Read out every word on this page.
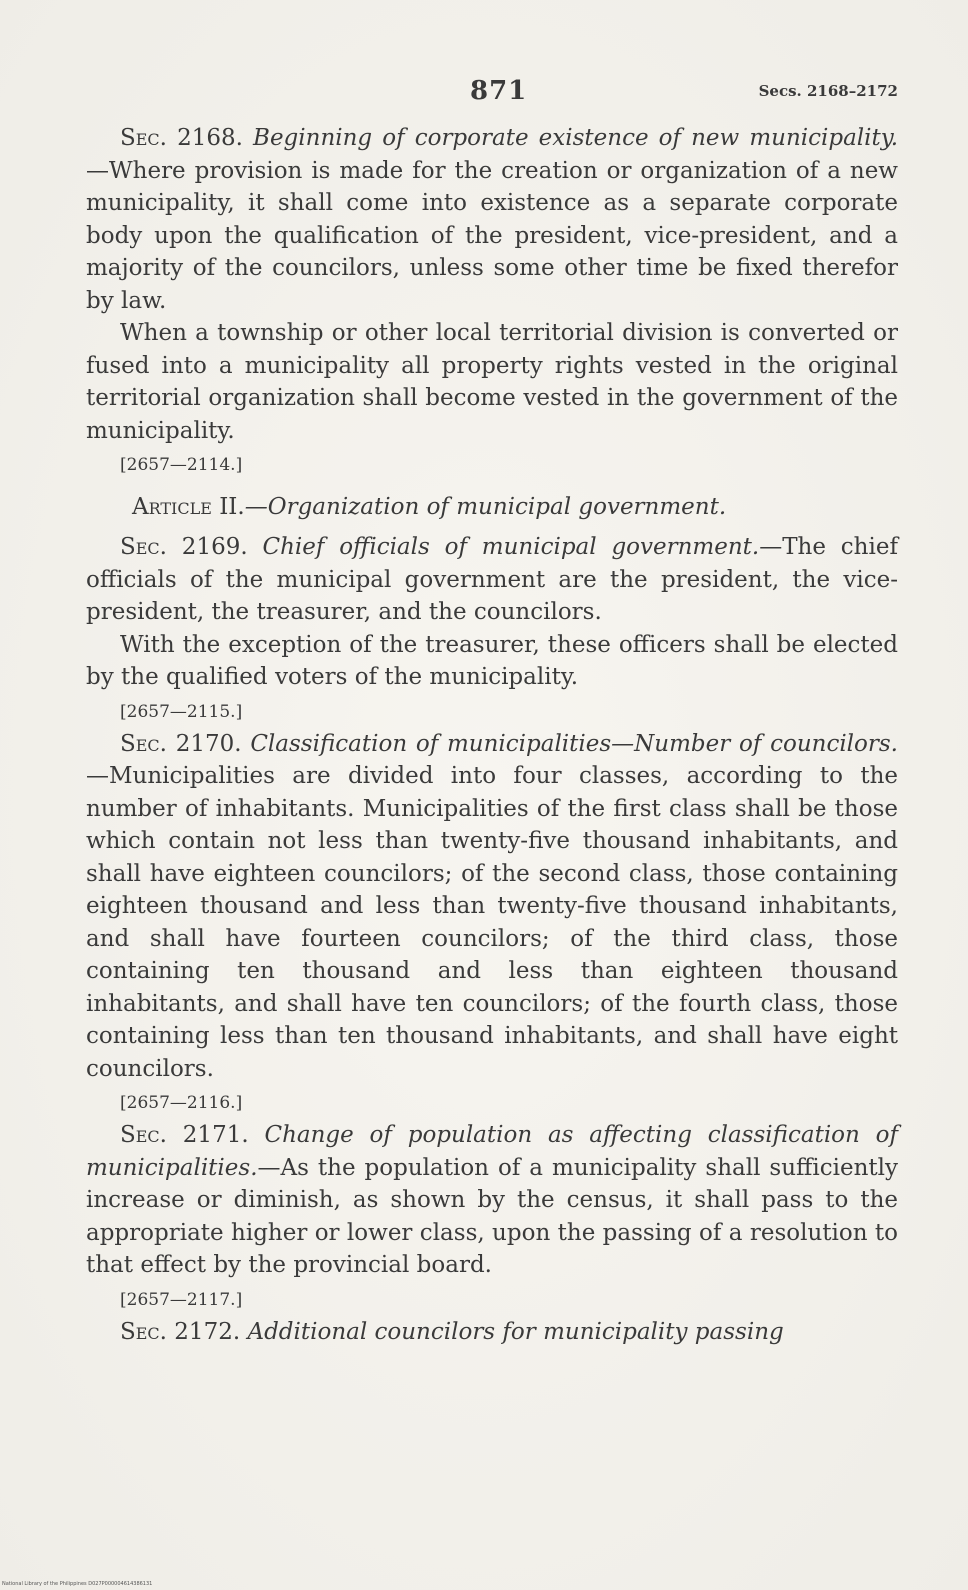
871	Secs. 2168–2172

Sec. 2168. Beginning of corporate existence of new municipality.—Where provision is made for the creation or organization of a new municipality, it shall come into existence as a separate corporate body upon the qualification of the president, vice-president, and a majority of the councilors, unless some other time be fixed therefor by law.

When a township or other local territorial division is converted or fused into a municipality all property rights vested in the original territorial organization shall become vested in the government of the municipality.

[2657—2114.]

Article II.—Organization of municipal government.

Sec. 2169. Chief officials of municipal government.—The chief officials of the municipal government are the president, the vice-president, the treasurer, and the councilors.

With the exception of the treasurer, these officers shall be elected by the qualified voters of the municipality.

[2657—2115.]

Sec. 2170. Classification of municipalities—Number of councilors.—Municipalities are divided into four classes, according to the number of inhabitants. Municipalities of the first class shall be those which contain not less than twenty-five thousand inhabitants, and shall have eighteen councilors; of the second class, those containing eighteen thousand and less than twenty-five thousand inhabitants, and shall have fourteen councilors; of the third class, those containing ten thousand and less than eighteen thousand inhabitants, and shall have ten councilors; of the fourth class, those containing less than ten thousand inhabitants, and shall have eight councilors.

[2657—2116.]

Sec. 2171. Change of population as affecting classification of municipalities.—As the population of a municipality shall sufficiently increase or diminish, as shown by the census, it shall pass to the appropriate higher or lower class, upon the passing of a resolution to that effect by the provincial board.

[2657—2117.]

Sec. 2172. Additional councilors for municipality passing

National Library of the Philippines D027P000004614386131
